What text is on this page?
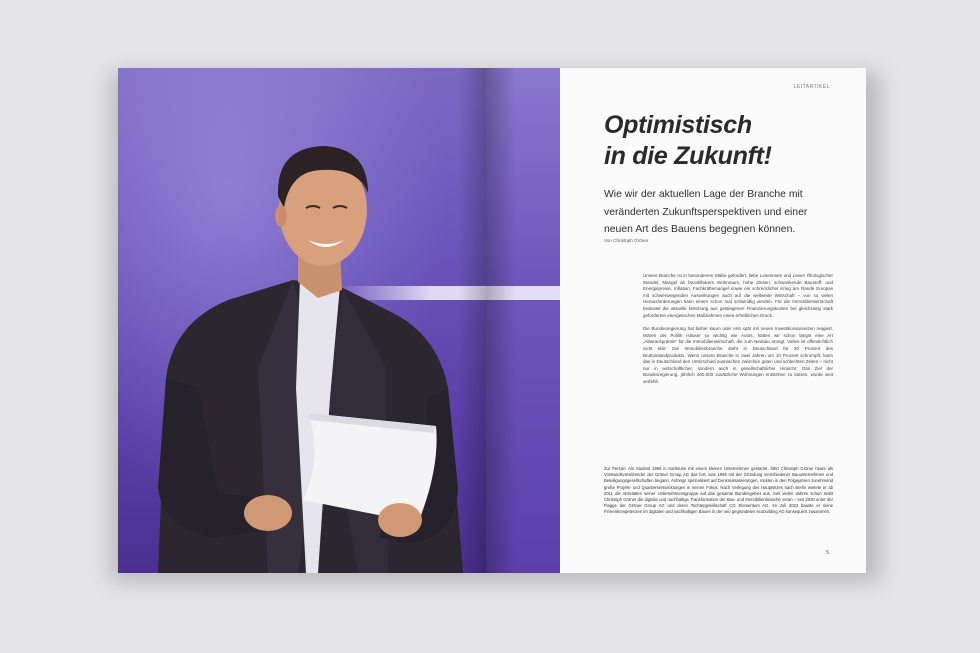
LEITARTIKEL
Optimistisch
in die Zukunft!
Wie wir der aktuellen Lage der Branche mit
veränderten Zukunftsperspektiven und einer
neuen Art des Bauens begegnen können.
Von Christoph Gröner

Unsere Branche ist in besonderem Maße gefordert, liebe Leserinnen und Leser! Ökologischer Wandel, Mangel an bezahlbarem Wohnraum, hohe Zinsen, schwankende Baustoff- und Energiepreise, Inflation, Fachkräftemangel sowie ein schrecklicher Krieg am Rande Europas mit schwerwiegenden Auswirkungen auch auf die weltweite Wirtschaft – von so vielen Herausforderungen kann einem schon mal schwindlig werden. Für die Immobilienwirtschaft bedeutet die aktuelle Mischung aus gestiegenen Finanzierungskosten bei gleichzeitig stark geforderten energetischen Maßnahmen einen erheblichen Druck.

Die Bundesregierung hat bisher kaum oder erst spät mit neuen Investitionsanreizen reagiert. Wären der Politik Häuser so wichtig wie Autos, hätten wir schon längst eine Art „Abwrackprämie“ für die Immobilienwirtschaft, die zum Neubau anregt. Vielen ist offensichtlich nicht klar: Die Immobilienbranche steht in Deutschland für 20 Prozent des Bruttoinlandprodukts. Wenn unsere Branche in zwei Jahren um 10 Prozent schrumpft, kann das in Deutschland den Unterschied ausmachen zwischen guten und schlechten Zeiten – nicht nur in wirtschaftlicher, sondern auch in gesellschaftlicher Hinsicht. Das Ziel der Bundesregierung, jährlich 400.000 zusätzliche Wohnungen entstehen zu lassen, wurde weit verfehlt.

Zur Person: Als Student 1989 in Karlsruhe mit einem kleinen Unternehmen gestartet, führt Christoph Gröner heute als Vorstandsvorsitzender der Gröner Group AG das fort, was 1995 mit der Gründung verschiedener Bauunternehmen und Beteiligungsgesellschaften begann. Anfangs spezialisiert auf Denkmalsanierungen, rückten in den Folgejahren zunehmend große Projekt- und Quartiersentwicklungen in seinen Fokus. Nach Verlegung des Hauptsitzes nach Berlin weitete er ab 2011 die Aktivitäten seiner Unternehmensgruppe auf das gesamte Bundesgebiet aus. Seit vielen Jahren schon treibt Christoph Gröner die digitale und nachhaltige Transformation der Bau- und Immobilienbranche voran – seit 2020 unter der Flagge der Gröner Group AG und deren Tochtergesellschaft CG Elementum AG. Im Juli 2023 bauste er seine Firmenkompetenzen im digitalen und nachhaltigen Bauen in der neu gegründeten ecobuilding AG konsequent zusammen.
5
